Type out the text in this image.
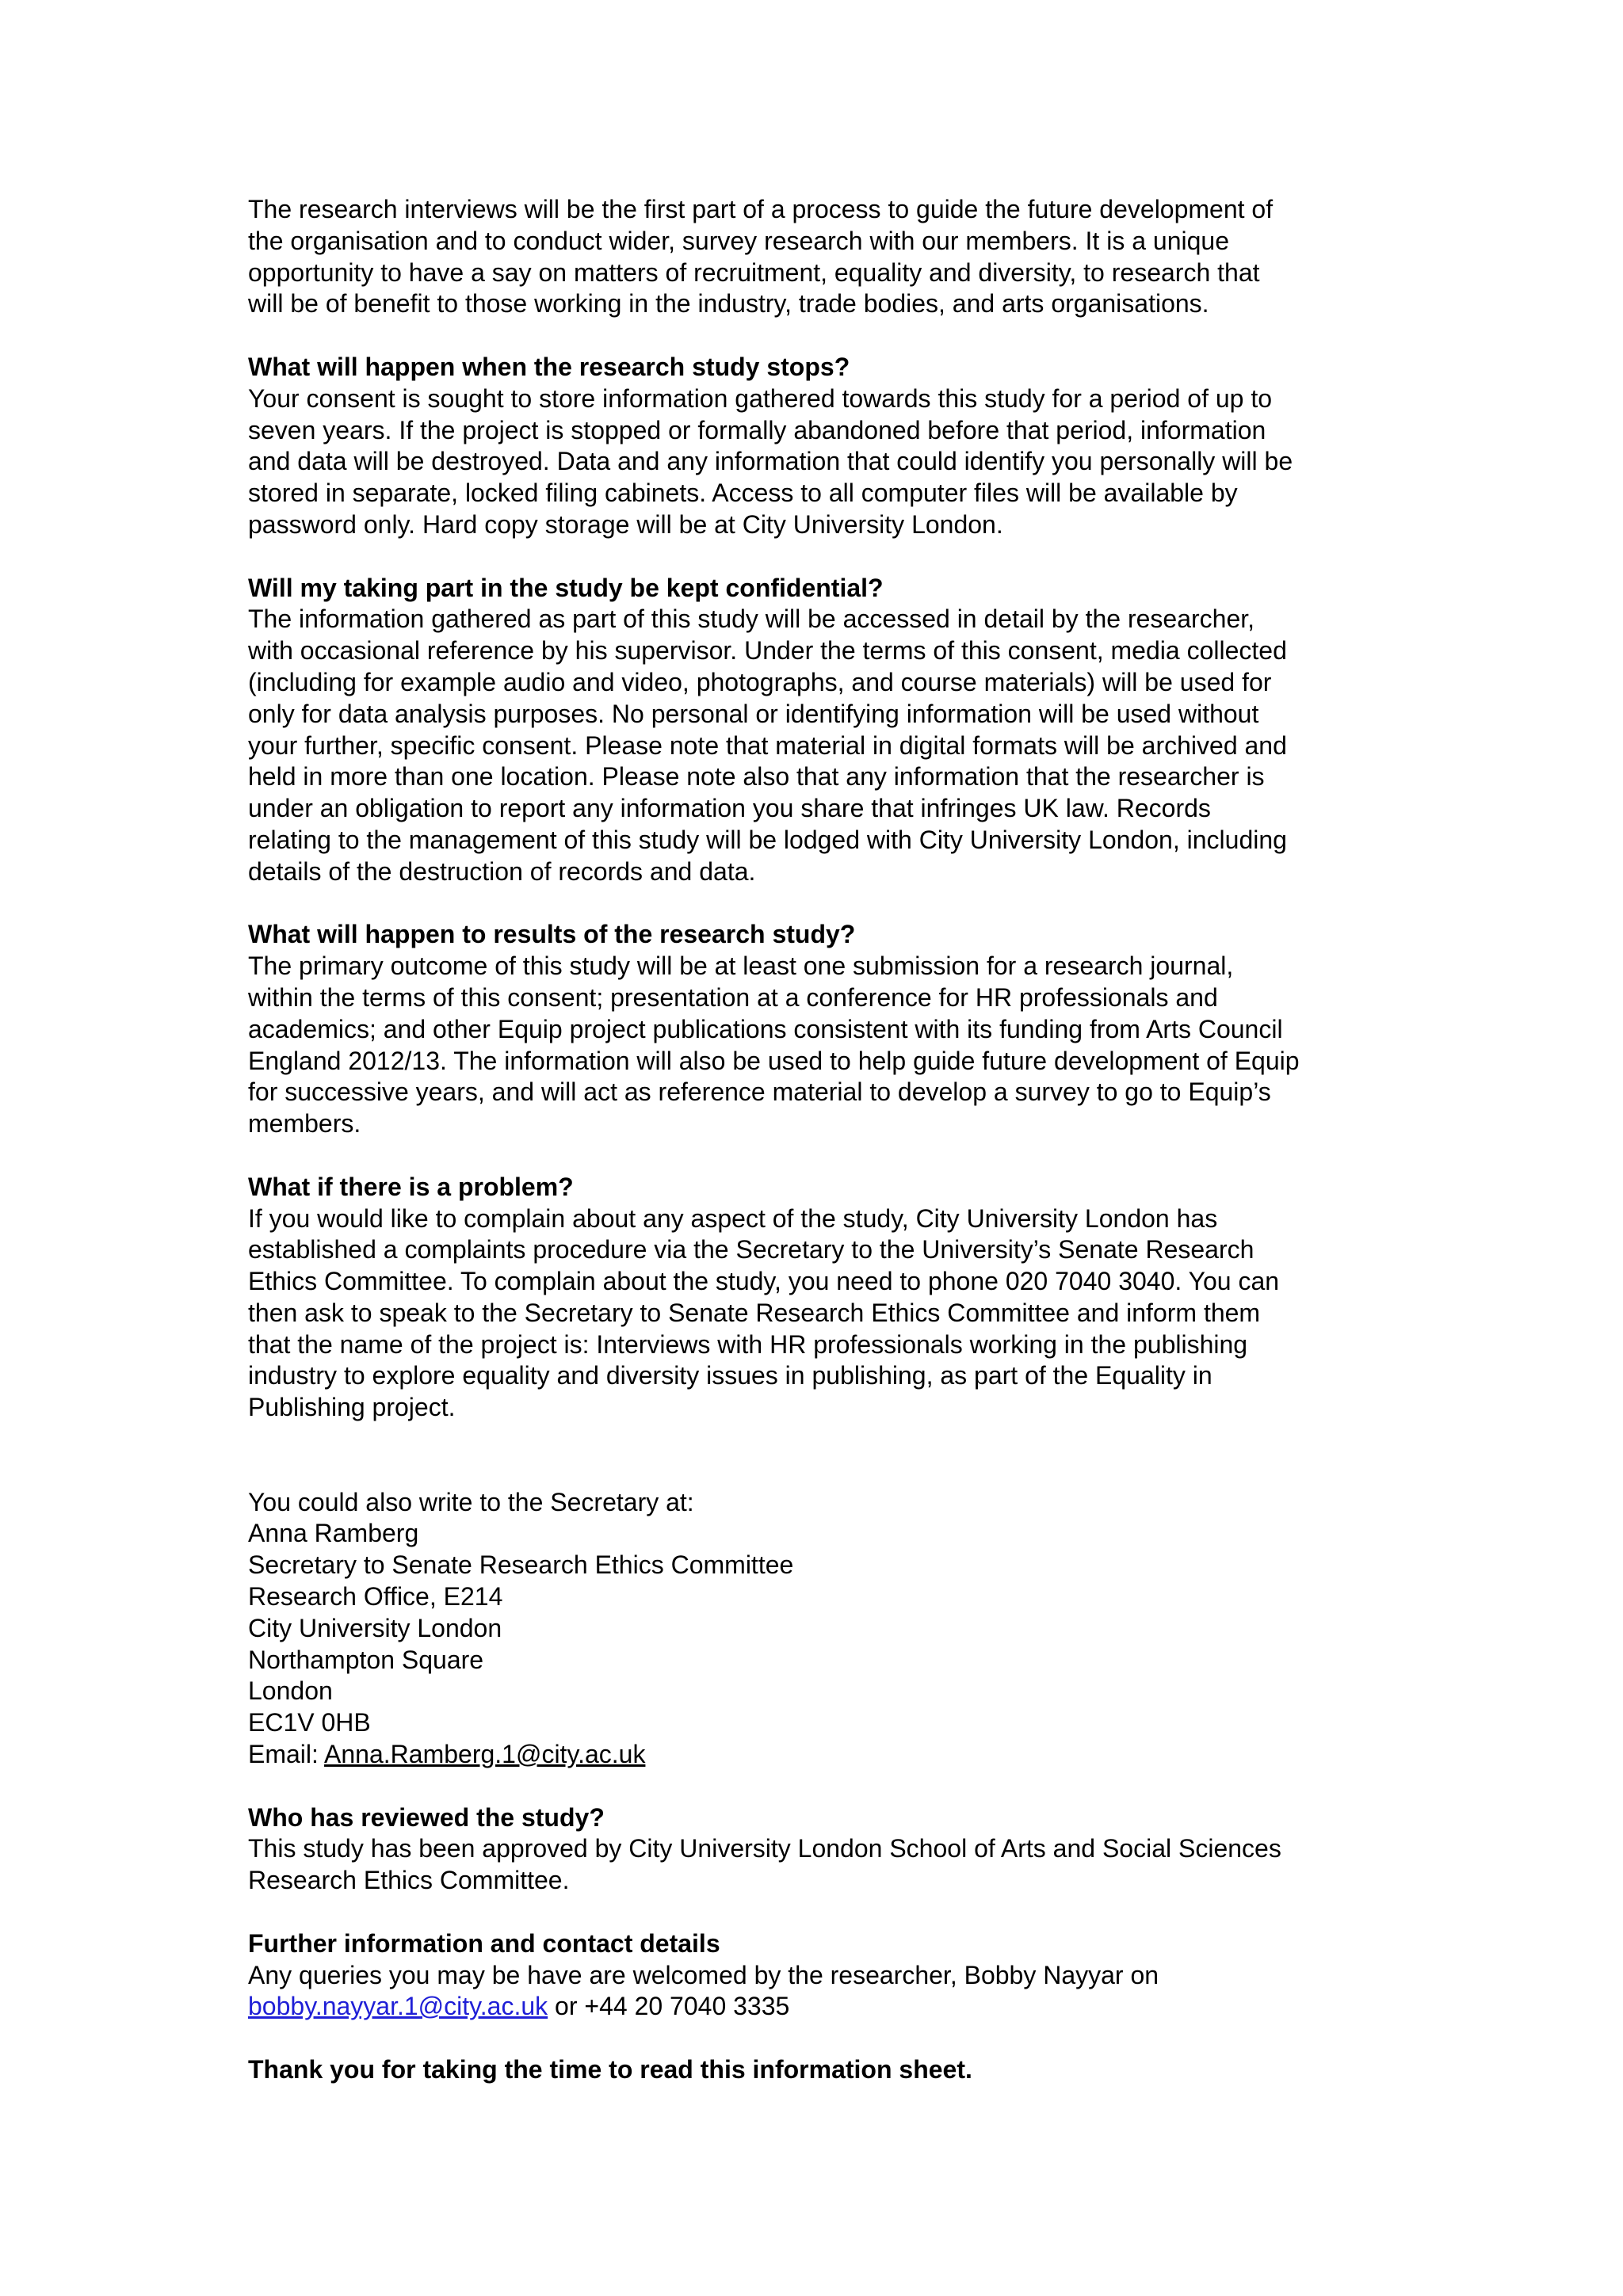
The research interviews will be the first part of a process to guide the future development of
the organisation and to conduct wider, survey research with our members. It is a unique
opportunity to have a say on matters of recruitment, equality and diversity, to research that
will be of benefit to those working in the industry, trade bodies, and arts organisations.
What will happen when the research study stops?
Your consent is sought to store information gathered towards this study for a period of up to
seven years. If the project is stopped or formally abandoned before that period, information
and data will be destroyed. Data and any information that could identify you personally will be
stored in separate, locked filing cabinets. Access to all computer files will be available by
password only. Hard copy storage will be at City University London.
Will my taking part in the study be kept confidential?
The information gathered as part of this study will be accessed in detail by the researcher,
with occasional reference by his supervisor. Under the terms of this consent, media collected
(including for example audio and video, photographs, and course materials) will be used for
only for data analysis purposes. No personal or identifying information will be used without
your further, specific consent. Please note that material in digital formats will be archived and
held in more than one location. Please note also that any information that the researcher is
under an obligation to report any information you share that infringes UK law. Records
relating to the management of this study will be lodged with City University London, including
details of the destruction of records and data.
What will happen to results of the research study?
The primary outcome of this study will be at least one submission for a research journal,
within the terms of this consent; presentation at a conference for HR professionals and
academics; and other Equip project publications consistent with its funding from Arts Council
England 2012/13. The information will also be used to help guide future development of Equip
for successive years, and will act as reference material to develop a survey to go to Equip’s
members.
What if there is a problem?
If you would like to complain about any aspect of the study, City University London has
established a complaints procedure via the Secretary to the University’s Senate Research
Ethics Committee. To complain about the study, you need to phone 020 7040 3040. You can
then ask to speak to the Secretary to Senate Research Ethics Committee and inform them
that the name of the project is: Interviews with HR professionals working in the publishing
industry to explore equality and diversity issues in publishing, as part of the Equality in
Publishing project.
You could also write to the Secretary at:
Anna Ramberg
Secretary to Senate Research Ethics Committee
Research Office, E214
City University London
Northampton Square
London
EC1V 0HB
Email: Anna.Ramberg.1@city.ac.uk
Who has reviewed the study?
This study has been approved by City University London School of Arts and Social Sciences
Research Ethics Committee.
Further information and contact details
Any queries you may be have are welcomed by the researcher, Bobby Nayyar on
bobby.nayyar.1@city.ac.uk or +44 20 7040 3335
Thank you for taking the time to read this information sheet.
